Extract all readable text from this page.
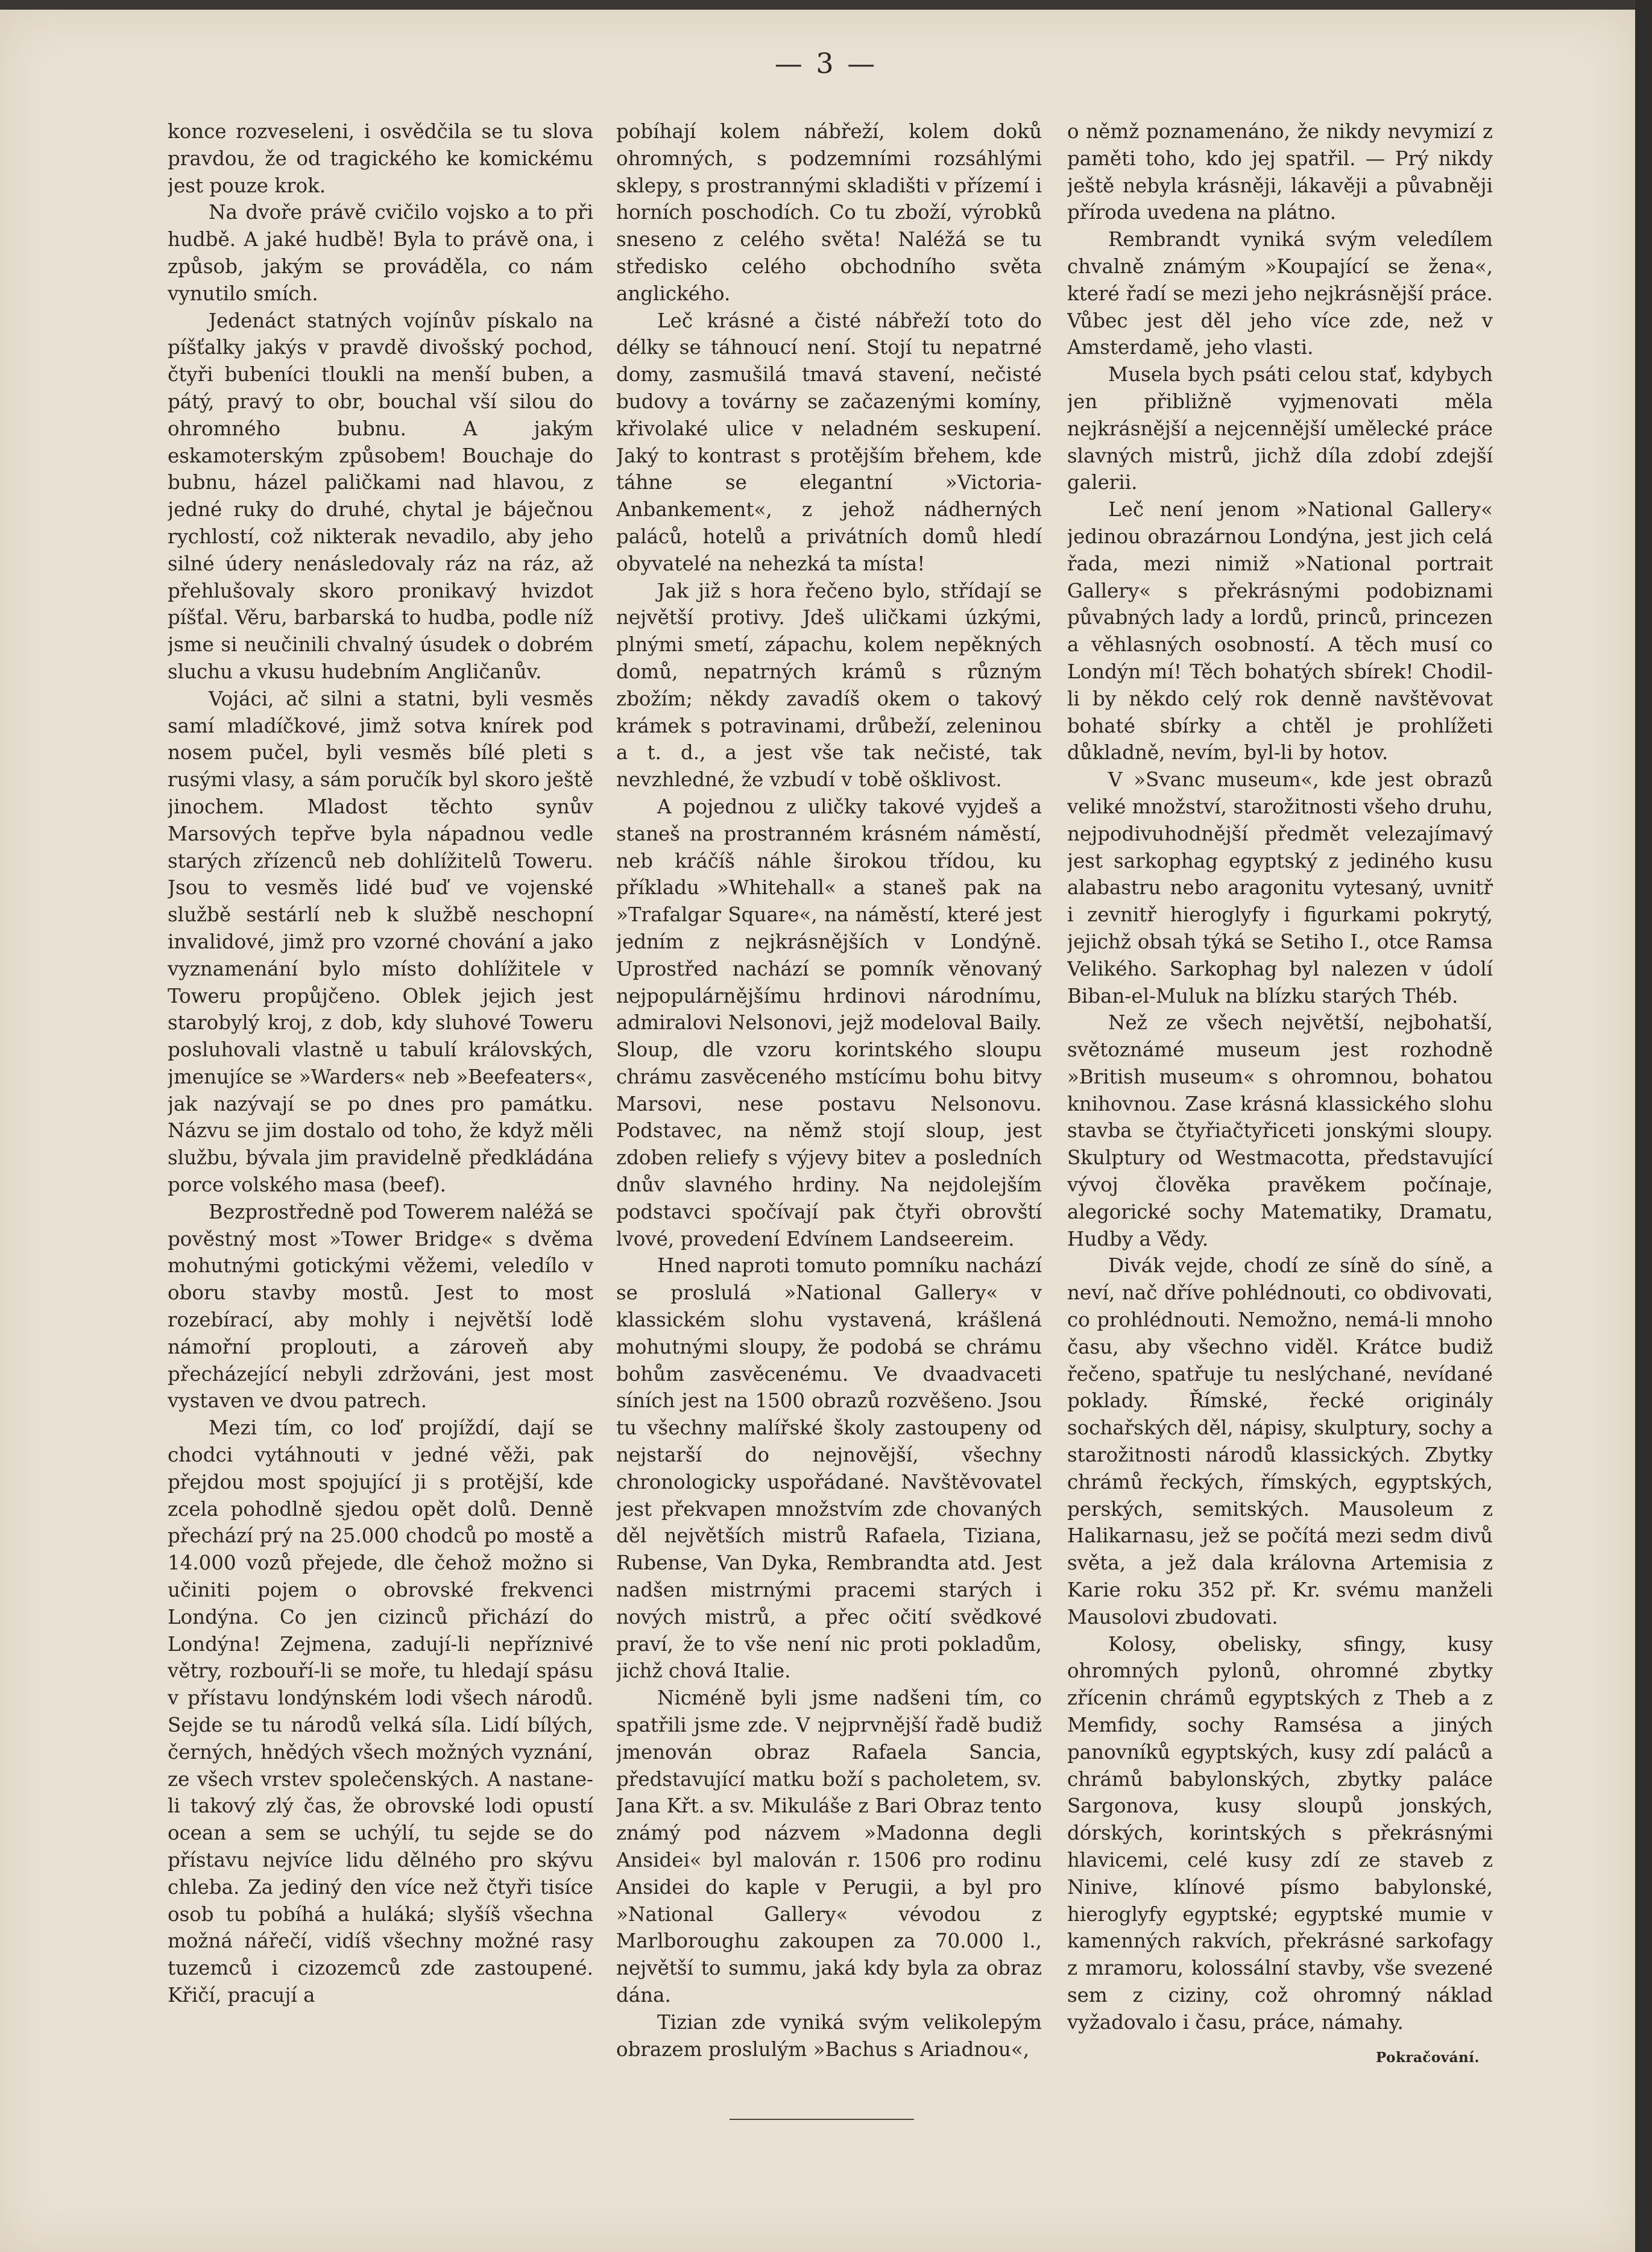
— 3 —

konce rozveseleni, i osvědčila se tu slova pravdou, že od tragického ke komickému jest pouze krok.

Na dvoře právě cvičilo vojsko a to při hudbě. A jaké hudbě! Byla to právě ona, i způsob, jakým se prováděla, co nám vynutilo smích.

Jedenáct statných vojínův pískalo na píšťalky jakýs v pravdě divošský pochod, čtyři bubeníci tloukli na menší buben, a pátý, pravý to obr, bouchal vší silou do ohromného bubnu. A jakým eskamoterským způsobem! Bouchaje do bubnu, házel paličkami nad hlavou, z jedné ruky do druhé, chytal je báječnou rychlostí, což nikterak nevadilo, aby jeho silné údery nenásledovaly ráz na ráz, až přehlušovaly skoro pronikavý hvizdot píšťal. Věru, barbarská to hudba, podle níž jsme si neučinili chvalný úsudek o dobrém sluchu a vkusu hudebním Angličanův.

Vojáci, ač silni a statni, byli vesměs samí mladíčkové, jimž sotva knírek pod nosem pučel, byli vesměs bílé pleti s rusými vlasy, a sám poručík byl skoro ještě jinochem. Mladost těchto synův Marsových tepřve byla nápadnou vedle starých zřízenců neb dohlížitelů Toweru. Jsou to vesměs lidé buď ve vojenské službě sestárlí neb k službě neschopní invalidové, jimž pro vzorné chování a jako vyznamenání bylo místo dohlížitele v Toweru propůjčeno. Oblek jejich jest starobylý kroj, z dob, kdy sluhové Toweru posluhovali vlastně u tabulí královských, jmenujíce se »Warders« neb »Beefeaters«, jak nazývají se po dnes pro památku. Názvu se jim dostalo od toho, že když měli službu, bývala jim pravidelně předkládána porce volského masa (beef).

Bezprostředně pod Towerem naléžá se pověstný most »Tower Bridge« s dvěma mohutnými gotickými věžemi, veledílo v oboru stavby mostů. Jest to most rozebírací, aby mohly i největší lodě námořní proplouti, a zároveň aby přecházející nebyli zdržováni, jest most vystaven ve dvou patrech.

Mezi tím, co loď projíždí, dají se chodci vytáhnouti v jedné věži, pak přejdou most spojující ji s protější, kde zcela pohodlně sjedou opět dolů. Denně přechází prý na 25.000 chodců po mostě a 14.000 vozů přejede, dle čehož možno si učiniti pojem o obrovské frekvenci Londýna. Co jen cizinců přichází do Londýna! Zejmena, zadují-li nepříznivé větry, rozbouří-li se moře, tu hledají spásu v přístavu londýnském lodi všech národů. Sejde se tu národů velká síla. Lidí bílých, černých, hnědých všech možných vyznání, ze všech vrstev společenských. A nastane-li takový zlý čas, že obrovské lodi opustí ocean a sem se uchýlí, tu sejde se do přístavu nejvíce lidu dělného pro skývu chleba. Za jediný den více než čtyři tisíce osob tu pobíhá a huláká; slyšíš všechna možná nářečí, vidíš všechny možné rasy tuzemců i cizozemců zde zastoupené. Křičí, pracují a

pobíhají kolem nábřeží, kolem doků ohromných, s podzemními rozsáhlými sklepy, s prostrannými skladišti v přízemí i horních poschodích. Co tu zboží, výrobků sneseno z celého světa! Naléžá se tu středisko celého obchodního světa anglického.

Leč krásné a čisté nábřeží toto do délky se táhnoucí není. Stojí tu nepatrné domy, zasmušilá tmavá stavení, nečisté budovy a továrny se začazenými komíny, křivolaké ulice v neladném seskupení. Jaký to kontrast s protějším břehem, kde táhne se elegantní »Victoria-Anbankement«, z jehož nádherných paláců, hotelů a privátních domů hledí obyvatelé na nehezká ta místa!

Jak již s hora řečeno bylo, střídají se největší protivy. Jdeš uličkami úzkými, plnými smetí, zápachu, kolem nepěkných domů, nepatrných krámů s různým zbožím; někdy zavadíš okem o takový krámek s potravinami, drůbeží, zeleninou a t. d., a jest vše tak nečisté, tak nevzhledné, že vzbudí v tobě ošklivost.

A pojednou z uličky takové vyjdeš a staneš na prostranném krásném náměstí, neb kráčíš náhle širokou třídou, ku příkladu »Whitehall« a staneš pak na »Trafalgar Square«, na náměstí, které jest jedním z nejkrásnějších v Londýně. Uprostřed nachází se pomník věnovaný nejpopulárnějšímu hrdinovi národnímu, admiralovi Nelsonovi, jejž modeloval Baily. Sloup, dle vzoru korintského sloupu chrámu zasvěceného mstícímu bohu bitvy Marsovi, nese postavu Nelsonovu. Podstavec, na němž stojí sloup, jest zdoben reliefy s výjevy bitev a posledních dnův slavného hrdiny. Na nejdolejším podstavci spočívají pak čtyři obrovští lvové, provedení Edvínem Landseereim.

Hned naproti tomuto pomníku nachází se proslulá »National Gallery« v klassickém slohu vystavená, krášlená mohutnými sloupy, že podobá se chrámu bohům zasvěcenému. Ve dvaadvaceti síních jest na 1500 obrazů rozvěšeno. Jsou tu všechny malířské školy zastoupeny od nejstarší do nejnovější, všechny chronologicky uspořádané. Navštěvovatel jest překvapen množstvím zde chovaných děl největších mistrů Rafaela, Tiziana, Rubense, Van Dyka, Rembrandta atd. Jest nadšen mistrnými pracemi starých i nových mistrů, a přec očití svědkové praví, že to vše není nic proti pokladům, jichž chová Italie.

Nicméně byli jsme nadšeni tím, co spatřili jsme zde. V nejprvnější řadě budiž jmenován obraz Rafaela Sancia, představující matku boží s pacholetem, sv. Jana Křt. a sv. Mikuláše z Bari Obraz tento známý pod názvem »Madonna degli Ansidei« byl malován r. 1506 pro rodinu Ansidei do kaple v Perugii, a byl pro »National Gallery« vévodou z Marlboroughu zakoupen za 70.000 l., největší to summu, jaká kdy byla za obraz dána.

Tizian zde vyniká svým velikolepým obrazem proslulým »Bachus s Ariadnou«,

o němž poznamenáno, že nikdy nevymizí z paměti toho, kdo jej spatřil. — Prý nikdy ještě nebyla krásněji, lákavěji a půvabněji příroda uvedena na plátno.

Rembrandt vyniká svým veledílem chvalně známým »Koupající se žena«, které řadí se mezi jeho nejkrásnější práce. Vůbec jest děl jeho více zde, než v Amsterdamě, jeho vlasti.

Musela bych psáti celou stať, kdybych jen přibližně vyjmenovati měla nejkrásnější a nejcennější umělecké práce slavných mistrů, jichž díla zdobí zdejší galerii.

Leč není jenom »National Gallery« jedinou obrazárnou Londýna, jest jich celá řada, mezi nimiž »National portrait Gallery« s překrásnými podobiznami půvabných lady a lordů, princů, princezen a věhlasných osobností. A těch musí co Londýn mí! Těch bohatých sbírek! Chodil-li by někdo celý rok denně navštěvovat bohaté sbírky a chtěl je prohlížeti důkladně, nevím, byl-li by hotov.

V »Svanc museum«, kde jest obrazů veliké množství, starožitnosti všeho druhu, nejpodivuhodnější předmět velezajímavý jest sarkophag egyptský z jediného kusu alabastru nebo aragonitu vytesaný, uvnitř i zevnitř hieroglyfy i figurkami pokrytý, jejichž obsah týká se Setiho I., otce Ramsa Velikého. Sarkophag byl nalezen v údolí Biban-el-Muluk na blízku starých Théb.

Než ze všech největší, nejbohatší, světoznámé museum jest rozhodně »British museum« s ohromnou, bohatou knihovnou. Zase krásná klassického slohu stavba se čtyřiačtyřiceti jonskými sloupy. Skulptury od Westmacotta, představující vývoj člověka pravěkem počínaje, alegorické sochy Matematiky, Dramatu, Hudby a Vědy.

Divák vejde, chodí ze síně do síně, a neví, nač dříve pohlédnouti, co obdivovati, co prohlédnouti. Nemožno, nemá-li mnoho času, aby všechno viděl. Krátce budiž řečeno, spatřuje tu neslýchané, nevídané poklady. Římské, řecké originály sochařských děl, nápisy, skulptury, sochy a starožitnosti národů klassických. Zbytky chrámů řeckých, římských, egyptských, perských, semitských. Mausoleum z Halikarnasu, jež se počítá mezi sedm divů světa, a jež dala královna Artemisia z Karie roku 352 př. Kr. svému manželi Mausolovi zbudovati.

Kolosy, obelisky, sfingy, kusy ohromných pylonů, ohromné zbytky zřícenin chrámů egyptských z Theb a z Memfidy, sochy Ramsésa a jiných panovníků egyptských, kusy zdí paláců a chrámů babylonských, zbytky paláce Sargonova, kusy sloupů jonských, dórských, korintských s překrásnými hlavicemi, celé kusy zdí ze staveb z Ninive, klínové písmo babylonské, hieroglyfy egyptské; egyptské mumie v kamenných rakvích, překrásné sarkofagy z mramoru, kolossální stavby, vše svezené sem z ciziny, což ohromný náklad vyžadovalo i času, práce, námahy.

Pokračování.
